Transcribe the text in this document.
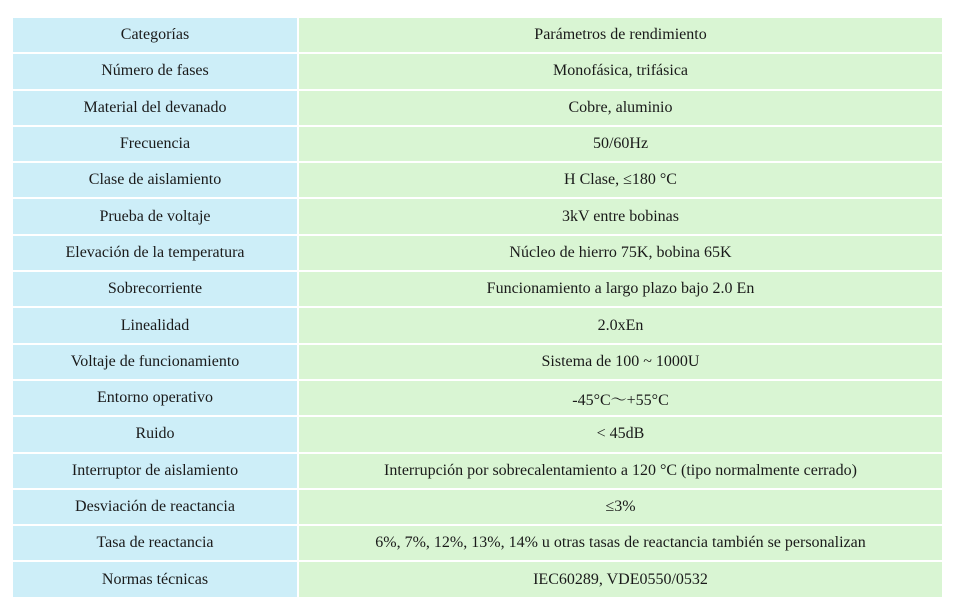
Categorías	Parámetros de rendimiento
Número de fases	Monofásica, trifásica
Material del devanado	Cobre, aluminio
Frecuencia	50/60Hz
Clase de aislamiento	H Clase, ≤180 °C
Prueba de voltaje	3kV entre bobinas
Elevación de la temperatura	Núcleo de hierro 75K, bobina 65K
Sobrecorriente	Funcionamiento a largo plazo bajo 2.0 En
Linealidad	2.0xEn
Voltaje de funcionamiento	Sistema de 100 ~ 1000U
Entorno operativo	-45°C～+55°C
Ruido	< 45dB
Interruptor de aislamiento	Interrupción por sobrecalentamiento a 120 °C (tipo normalmente cerrado)
Desviación de reactancia	≤3%
Tasa de reactancia	6%, 7%, 12%, 13%, 14% u otras tasas de reactancia también se personalizan
Normas técnicas	IEC60289, VDE0550/0532
